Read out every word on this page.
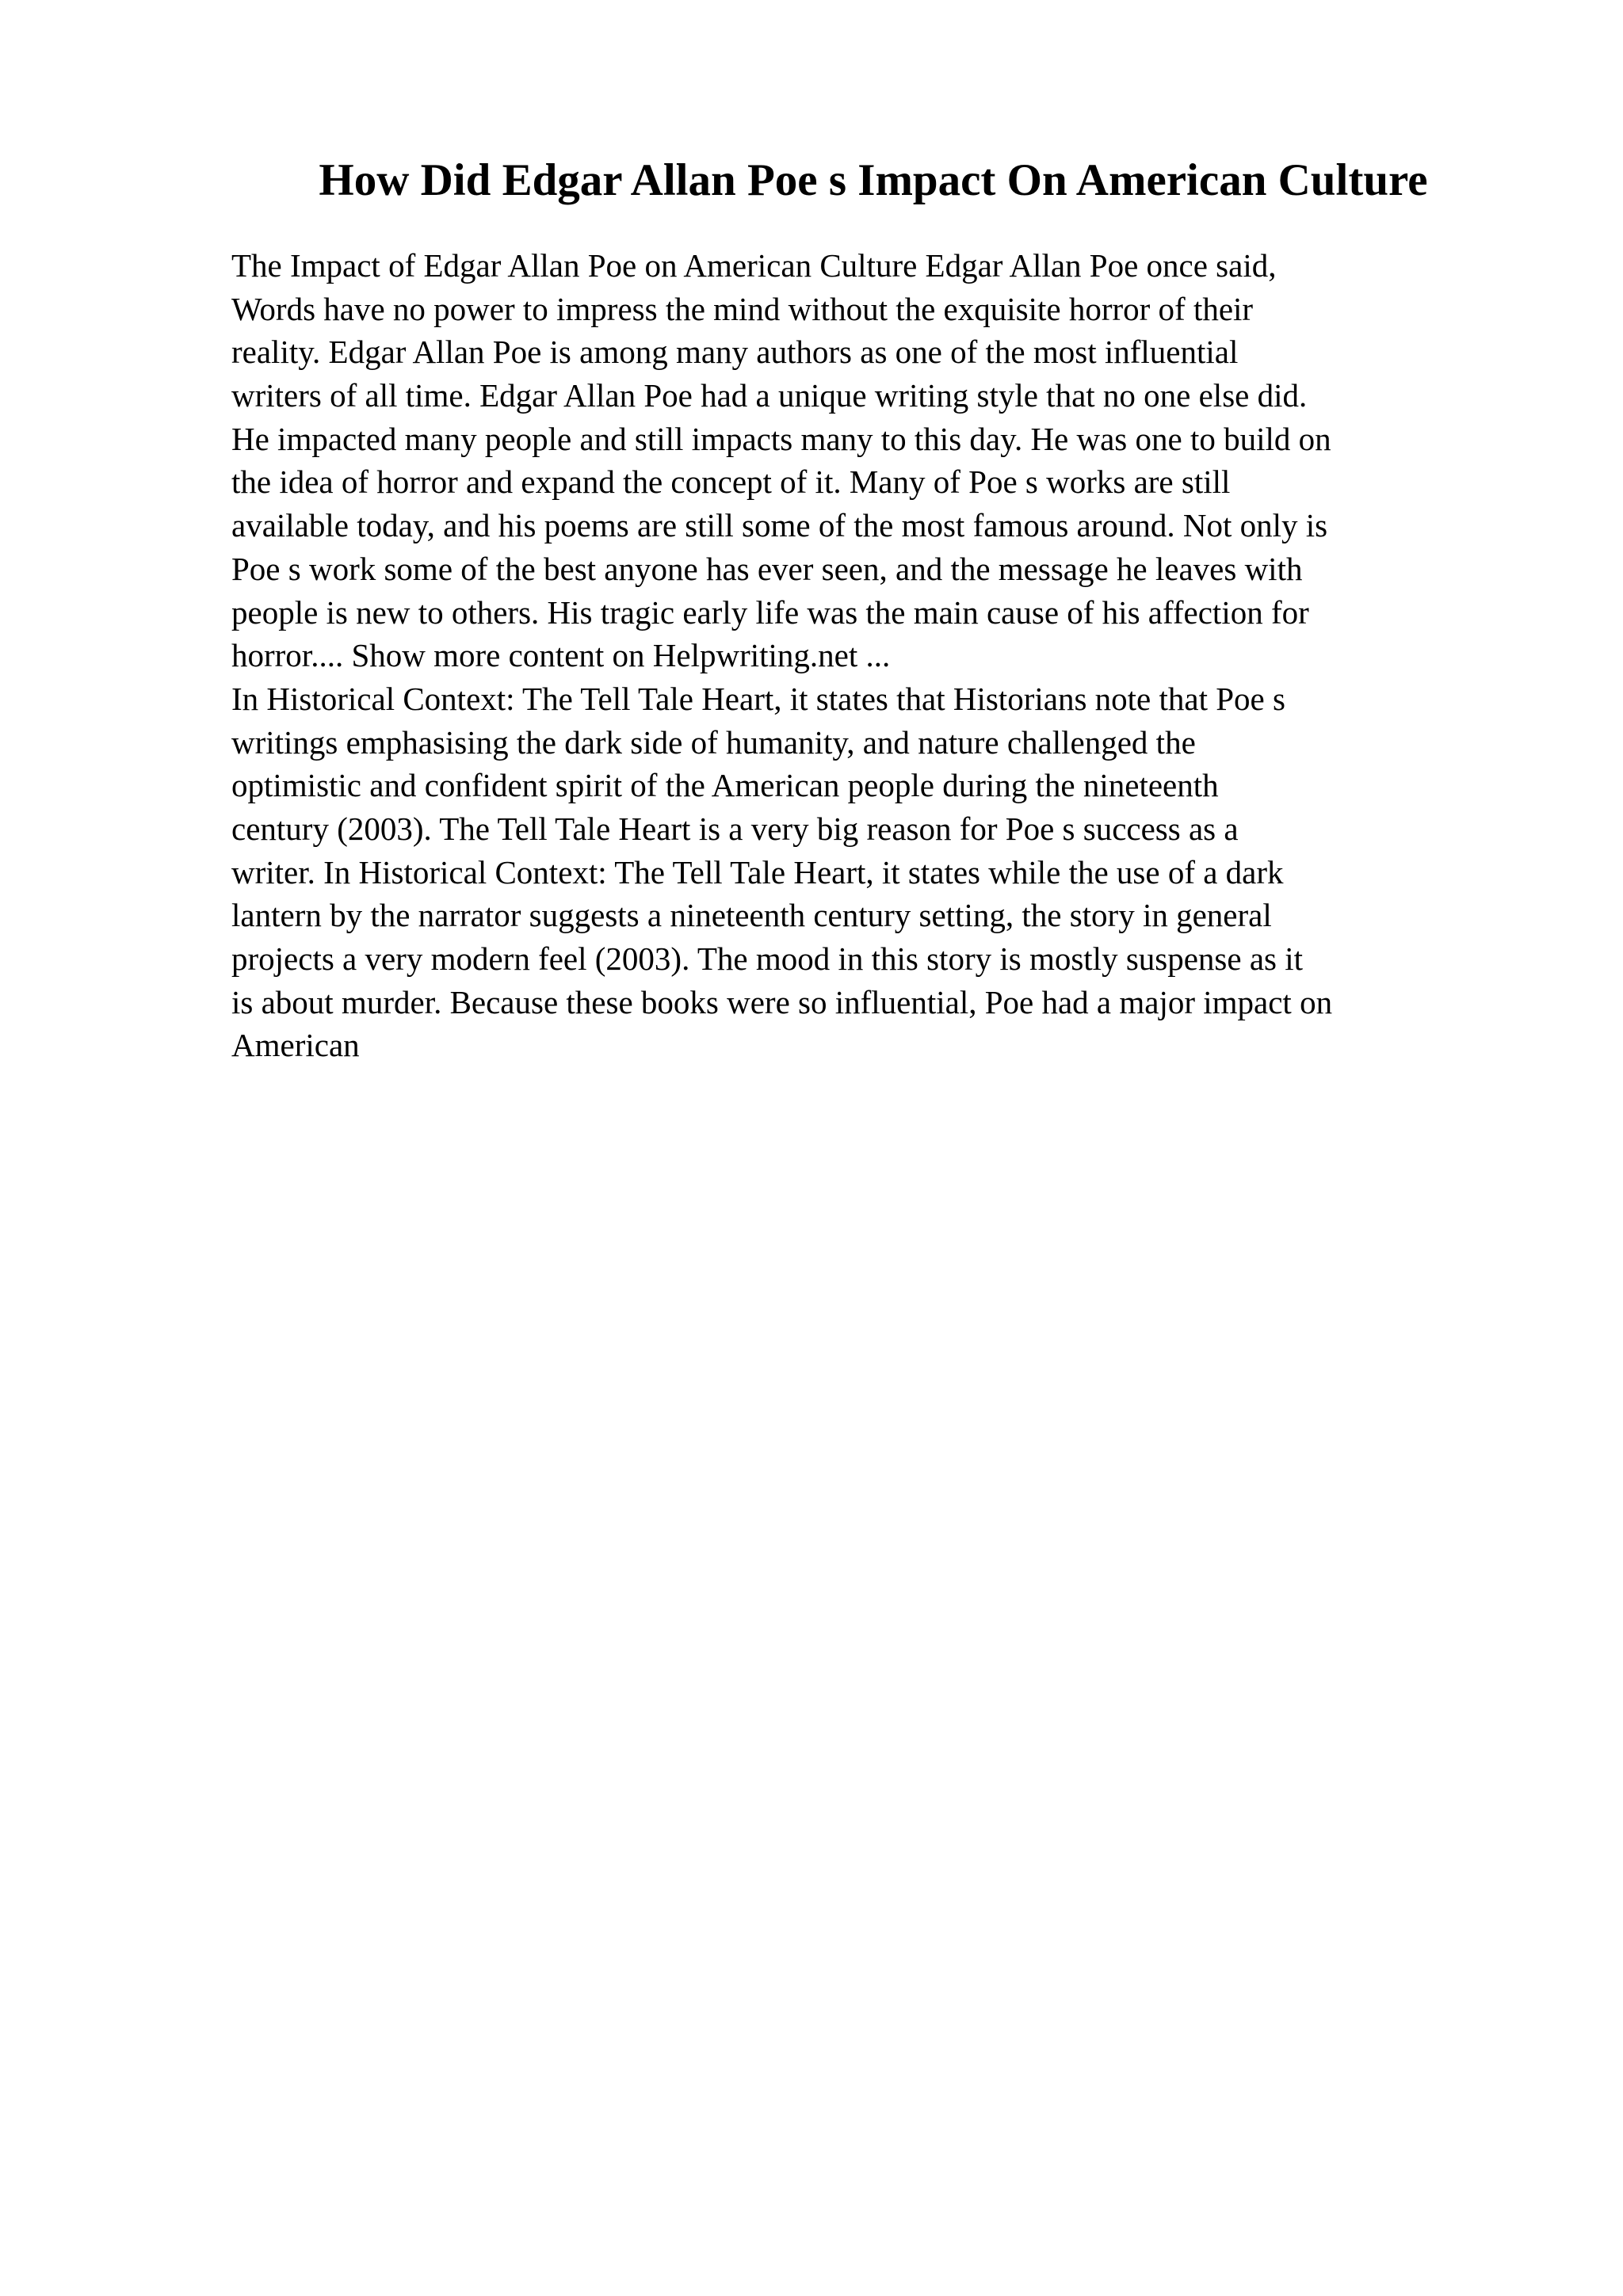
How Did Edgar Allan Poe s Impact On American Culture
The Impact of Edgar Allan Poe on American Culture Edgar Allan Poe once said,
Words have no power to impress the mind without the exquisite horror of their
reality. Edgar Allan Poe is among many authors as one of the most influential
writers of all time. Edgar Allan Poe had a unique writing style that no one else did.
He impacted many people and still impacts many to this day. He was one to build on
the idea of horror and expand the concept of it. Many of Poe s works are still
available today, and his poems are still some of the most famous around. Not only is
Poe s work some of the best anyone has ever seen, and the message he leaves with
people is new to others. His tragic early life was the main cause of his affection for
horror.... Show more content on Helpwriting.net ...
In Historical Context: The Tell Tale Heart, it states that Historians note that Poe s
writings emphasising the dark side of humanity, and nature challenged the
optimistic and confident spirit of the American people during the nineteenth
century (2003). The Tell Tale Heart is a very big reason for Poe s success as a
writer. In Historical Context: The Tell Tale Heart, it states while the use of a dark
lantern by the narrator suggests a nineteenth century setting, the story in general
projects a very modern feel (2003). The mood in this story is mostly suspense as it
is about murder. Because these books were so influential, Poe had a major impact on
American
